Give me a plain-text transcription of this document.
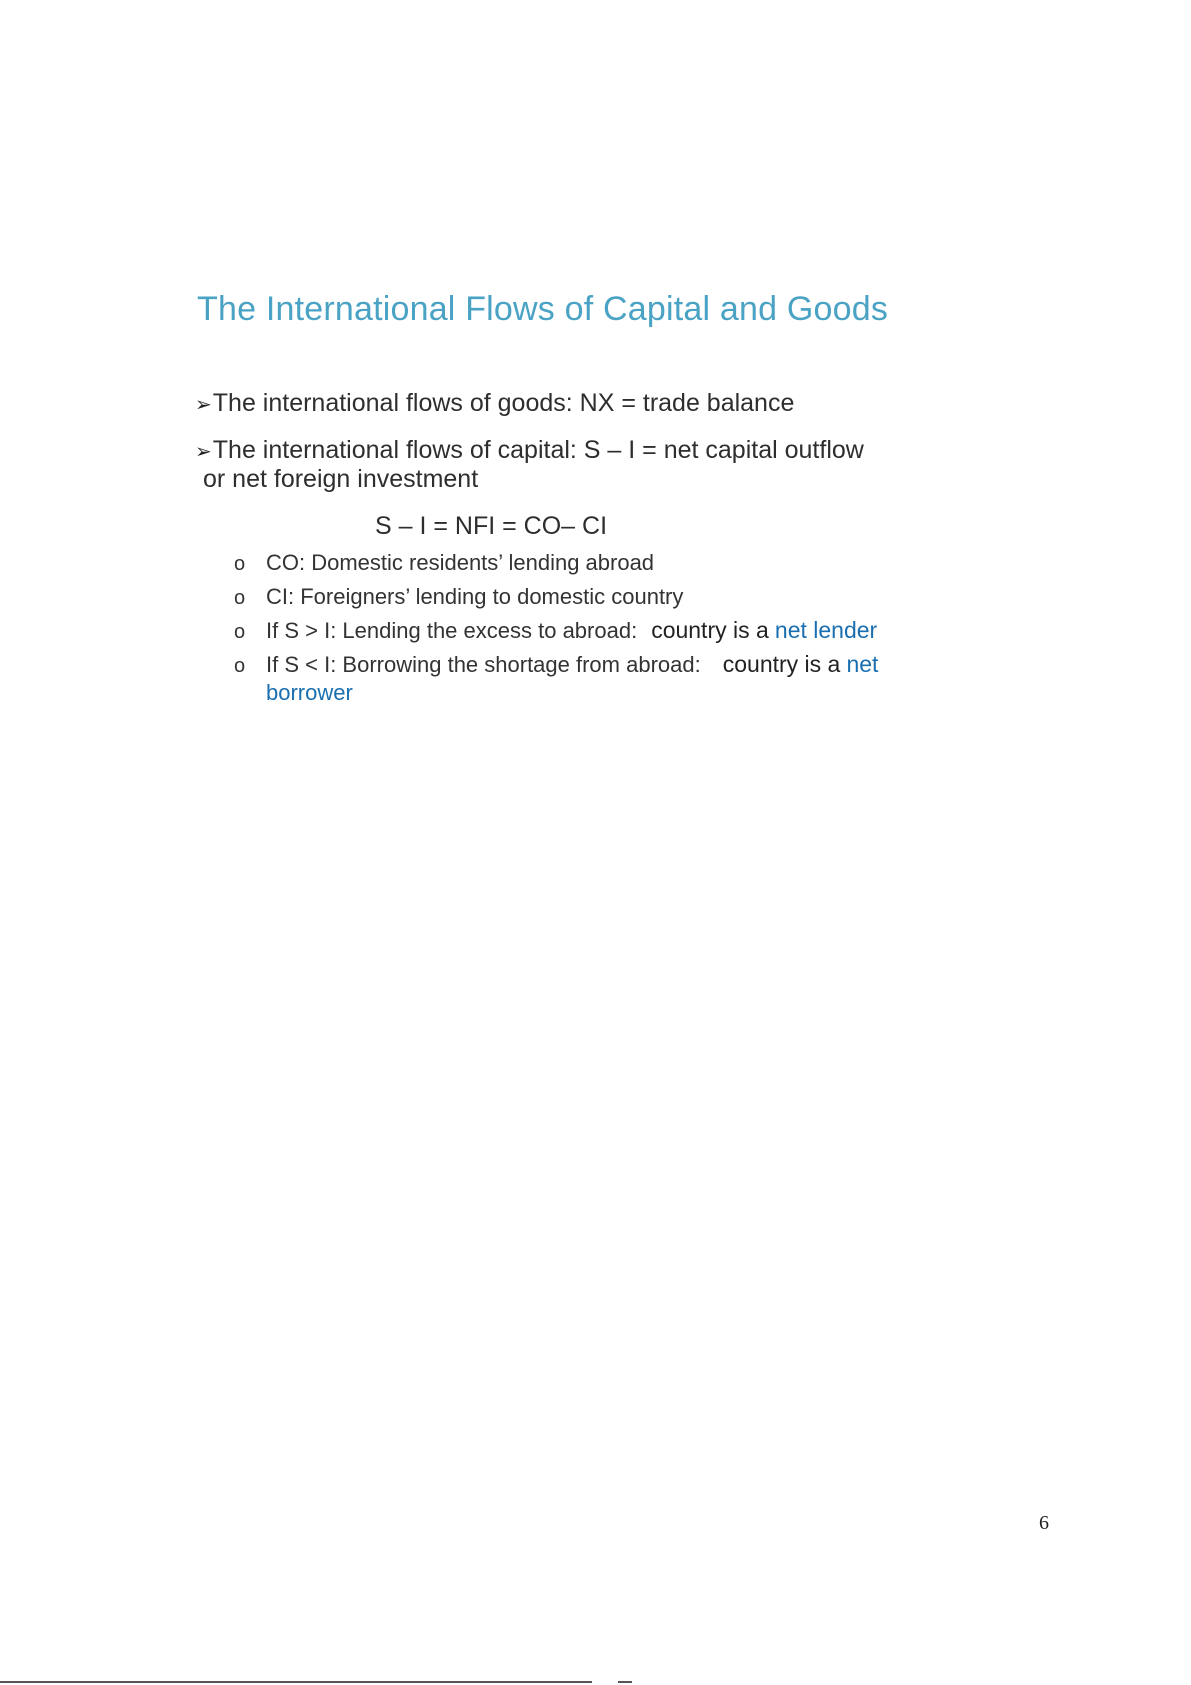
The International Flows of Capital and Goods
➢The international flows of goods: NX = trade balance
➢The international flows of capital: S – I = net capital outflow
or net foreign investment
S – I = NFI = CO– CI
o CO: Domestic residents’ lending abroad
o CI: Foreigners’ lending to domestic country
o If S > I: Lending the excess to abroad: country is a net lender
o If S < I: Borrowing the shortage from abroad: country is a net
borrower
6
